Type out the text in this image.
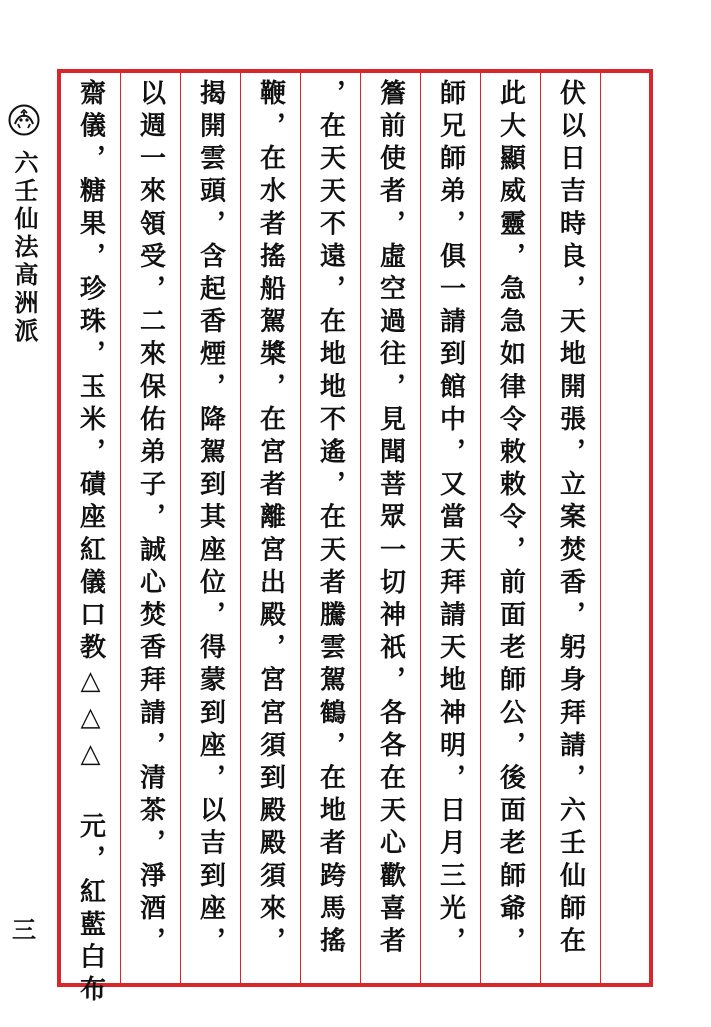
六壬仙法高洲派
三 齋儀，糖果，珍珠，玉米，磧座紅儀口教△△△ 元，紅藍白布 以週一來領受，二來保佑弟子，誠心焚香拜請，清茶，淨酒， 揭開雲頭，含起香煙，降駕到其座位，得蒙到座，以吉到座， 鞭，在水者搖船駕槳，在宮者離宮出殿，宮宮須到殿殿須來， ，在天天不遠，在地地不遙，在天者騰雲駕鶴，在地者跨馬搖 簷前使者，虛空過往，見聞菩眾一切神祇，各各在天心歡喜者 師兄師弟，俱一請到館中，又當天拜請天地神明，日月三光， 此大顯威靈，急急如律令敕敕令，前面老師公，後面老師爺， 伏以日吉時良，天地開張，立案焚香，躬身拜請，六壬仙師在
